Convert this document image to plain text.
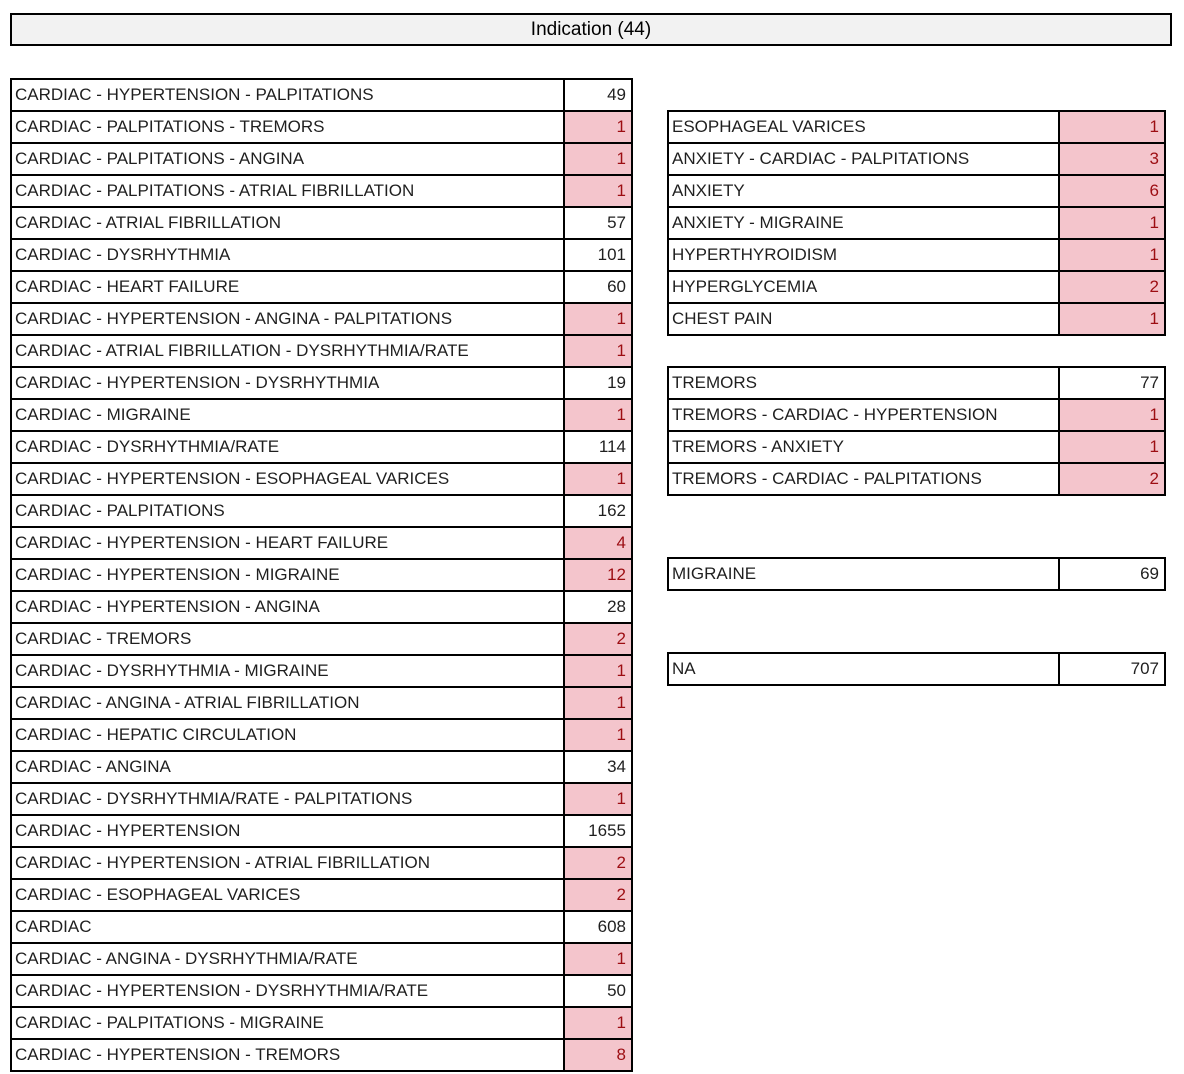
Indication (44)
CARDIAC - HYPERTENSION - PALPITATIONS	49
CARDIAC - PALPITATIONS - TREMORS	1
CARDIAC - PALPITATIONS - ANGINA	1
CARDIAC - PALPITATIONS - ATRIAL FIBRILLATION	1
CARDIAC - ATRIAL FIBRILLATION	57
CARDIAC - DYSRHYTHMIA	101
CARDIAC - HEART FAILURE	60
CARDIAC - HYPERTENSION - ANGINA - PALPITATIONS	1
CARDIAC - ATRIAL FIBRILLATION - DYSRHYTHMIA/RATE	1
CARDIAC - HYPERTENSION - DYSRHYTHMIA	19
CARDIAC - MIGRAINE	1
CARDIAC - DYSRHYTHMIA/RATE	114
CARDIAC - HYPERTENSION - ESOPHAGEAL VARICES	1
CARDIAC - PALPITATIONS	162
CARDIAC - HYPERTENSION - HEART FAILURE	4
CARDIAC - HYPERTENSION - MIGRAINE	12
CARDIAC - HYPERTENSION - ANGINA	28
CARDIAC - TREMORS	2
CARDIAC - DYSRHYTHMIA - MIGRAINE	1
CARDIAC - ANGINA - ATRIAL FIBRILLATION	1
CARDIAC - HEPATIC CIRCULATION	1
CARDIAC - ANGINA	34
CARDIAC - DYSRHYTHMIA/RATE - PALPITATIONS	1
CARDIAC - HYPERTENSION	1655
CARDIAC - HYPERTENSION - ATRIAL FIBRILLATION	2
CARDIAC - ESOPHAGEAL VARICES	2
CARDIAC	608
CARDIAC - ANGINA - DYSRHYTHMIA/RATE	1
CARDIAC - HYPERTENSION - DYSRHYTHMIA/RATE	50
CARDIAC - PALPITATIONS - MIGRAINE	1
CARDIAC - HYPERTENSION - TREMORS	8
ESOPHAGEAL VARICES	1
ANXIETY - CARDIAC - PALPITATIONS	3
ANXIETY	6
ANXIETY - MIGRAINE	1
HYPERTHYROIDISM	1
HYPERGLYCEMIA	2
CHEST PAIN	1
TREMORS	77
TREMORS - CARDIAC - HYPERTENSION	1
TREMORS - ANXIETY	1
TREMORS - CARDIAC - PALPITATIONS	2
MIGRAINE	69
NA	707
